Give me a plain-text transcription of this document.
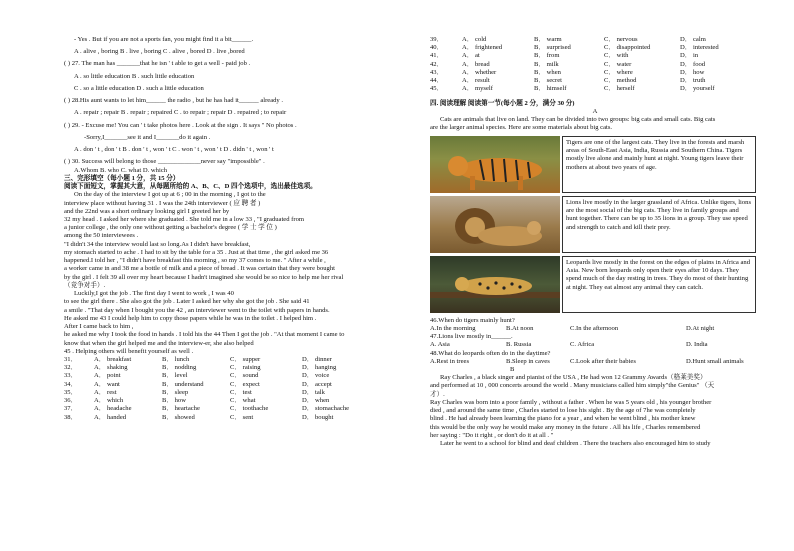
- Yes . But if you are not a sports fan, you might find it a bit______.
A . alive , boring B . live , boring C . alive , bored D . live ,bored
( ) 27. The man has _______that he isn ' t able to get a well - paid job .
A . so little education B . such little education
C . so a little education D . such a little education
( ) 28.His aunt wants to let him______ the radio , but he has had it______ already .
A . repair ; repair B . repair ; repaired C . to repair ; repair D . repaired ; to repair
( ) 29. - Excuse me! You can ' t take photos here . Look at the sign . It says " No photos .
-Sorry,I_______see it and I_______do it again .
A . don ' t , don ' t B . don ' t , won ' t C . won ' t , won ' t D . didn ' t , won ' t
( ) 30. Success will belong to those _____________never say "impossible" .
A.Whom B. who C. what D. which
三、完形填空（每小题 1 分，共 15 分）
阅读下面短文，掌握其大意，从每题所给的 A、B、C、D 四个选项中，选出最佳选项。
On the day of the interview I got up at 6 ; 00 in the morning , I got to the
interview place without having 31 . I was the 24th interviewer ( 应 聘 者 )
and the 22nd was a short ordinary looking girl I greeted her by
32 my head . I asked her where she graduated . She told me in a low 33 , "I graduated from
a junior college , the only one without getting a bachelor's degree ( 学 士 学 位 )
among the 50 interviewees .
"I didn't 34 the interview would last so long.As I didn't have breakfast,
my stomach started to ache . I had to sit by the table for a 35 . Just at that time , the girl asked me 36
happened.I told her , "I didn't have breakfast this morning , so my 37 comes to me. " After a while ,
a worker came in and 38 me a bottle of milk and a piece of bread . It was certain that they were bought
by the girl . I felt 39 all over my heart because I hadn't imagined she would be so nice to help me her rival
（竞争对手）.
Luckily,I got the job . The first day I went to work , I was 40
to see the girl there . She also got the job . Later I asked her why she got the job . She said 41
a smile . "That day when I bought you the 42 , an interviewer went to the toilet with papers in hands.
He asked me 43 I could help him to copy those papers while he was in the toilet . I helped him .
After I came back to him ,
he asked me why I took the food in hands . I told his the 44 Then I got the job . "At that moment I came to
know that when the girl helped me and the interview-er, she also helped
45 . Helping others will benefit yourself as well .
31．	A． breakfast	B． lunch	C． supper	D． dinner
32．	A． shaking	B． nodding	C． raising	D． hanging
33．	A． point	B． level	C． sound	D． voice
34．	A． want	B． understand	C． expect	D． accept
35．	A． rest	B． sleep	C． test	D． talk
36．	A． which	B． how	C． what	D． when
37．	A． headache	B． heartache	C． toothache	D． stomachache
38．	A． handed	B． showed	C． sent	D． bought
39．	A． cold	B． warm	C． nervous	D． calm
40．	A． frightened	B． surprised	C． disappointed	D． interested
41．	A． at	B． from	C． with	D． in
42．	A． bread	B． milk	C． water	D． food
43．	A． whether	B． when	C． where	D． how
44．	A． result	B． secret	C． method	D． truth
45．	A． myself	B． himself	C． herself	D． yourself
四. 阅读理解 阅读第一节(每小题 2 分，满分 30 分)
A
Cats are animals that live on land. They can be divided into two groups: big cats and small cats. Big cats
are the larger animal species. Here are some materials about big cats.
Tigers are one of the largest cats. They live in the forests and marsh areas of South-East Asia, India, Russia and Southern China. Tigers mostly live alone and mainly hunt at night. Young tigers leave their mothers at about two years of age.
Lions live mostly in the larger grassland of Africa. Unlike tigers, lions are the most social of the big cats. They live in family groups and hunt together. There can be up to 35 lions in a group. They use speed and strength to catch and kill their prey.
Leopards live mostly in the forest on the edges of plains in Africa and Asia. New born leopards only open their eyes after 10 days. They spend much of the day resting in trees. They do most of their hunting at night. They eat almost any animal they can catch.
46.When do tigers mainly hunt?
A.In the morning	B.At noon	C.In the afternoon	D.At night
47.Lions live mostly in______.
A. Asia	B. Russia	C. Africa	D. India
48.What do leopards often do in the daytime?
A.Rest in trees	B.Sleep in caves	C.Look after their babies	D.Hunt small animals
B
Ray Charles , a black singer and pianist of the USA , He had won 12 Grammy Awards（格莱美奖）
and performed at 10 , 000 concerts around the world . Many musicians called him simply"the Genius" （天
才）.
Ray Charles was born into a poor family , without a father . When he was 5 years old , his younger brother
died , and around the same time , Charles started to lose his sight . By the age of 7he was completely
blind . He had already been learning the piano for a year , and when he went blind , his mother knew
this would be the only way he would make any money in the future . All his life , Charles remembered
her saying : "Do it right , or don't do it at all . "
Later he went to a school for blind and deaf children . There the teachers also encouraged him to study
